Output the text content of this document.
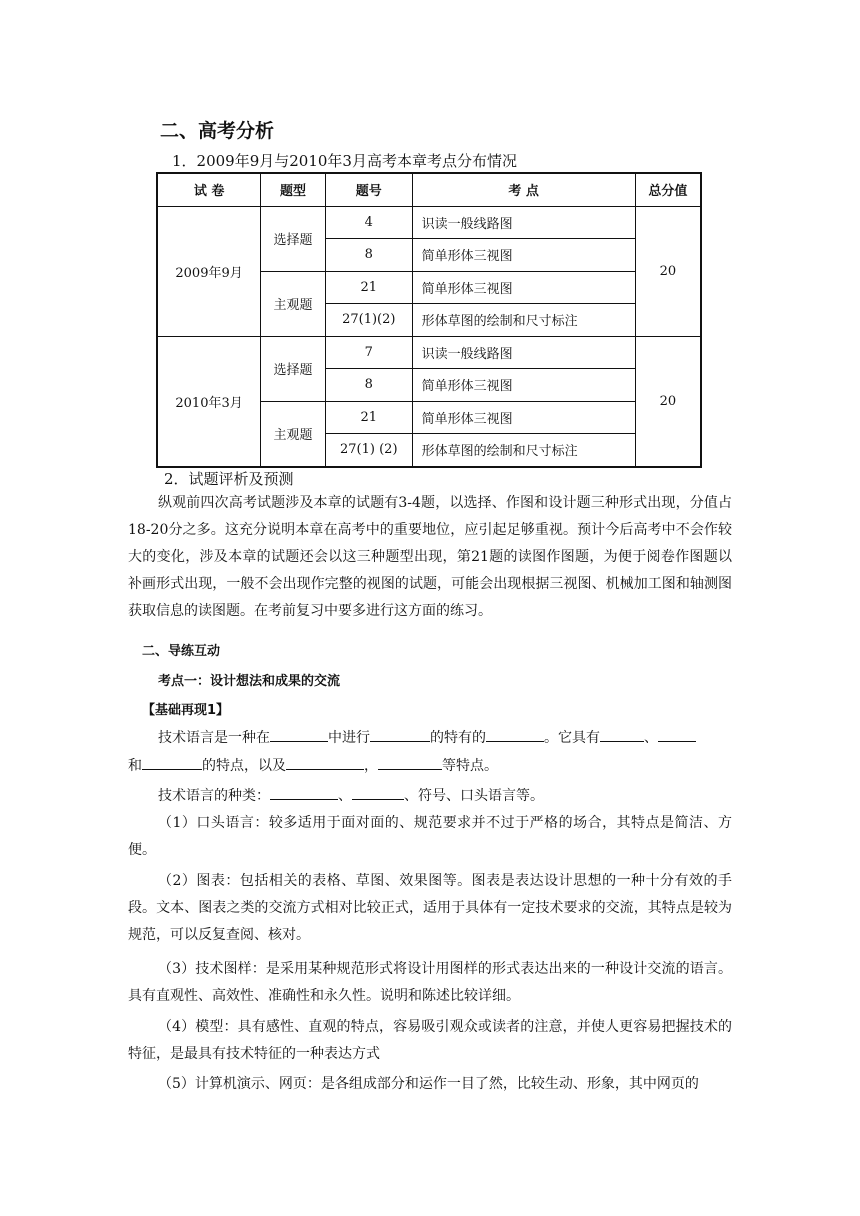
二、高考分析
1．2009年9月与2010年3月高考本章考点分布情况
试 卷	题型	题号	考 点	总分值
2009年9月	选择题	4	识读一般线路图	20
		8	简单形体三视图	
	主观题	21	简单形体三视图	
		27(1)(2)	形体草图的绘制和尺寸标注	
2010年3月	选择题	7	识读一般线路图	20
		8	简单形体三视图	
	主观题	21	简单形体三视图	
		27(1) (2)	形体草图的绘制和尺寸标注	
2．试题评析及预测
纵观前四次高考试题涉及本章的试题有3-4题，以选择、作图和设计题三种形式出现，分值占18-20分之多。这充分说明本章在高考中的重要地位，应引起足够重视。预计今后高考中不会作较大的变化，涉及本章的试题还会以这三种题型出现，第21题的读图作图题，为便于阅卷作图题以补画形式出现，一般不会出现作完整的视图的试题，可能会出现根据三视图、机械加工图和轴测图获取信息的读图题。在考前复习中要多进行这方面的练习。
二、导练互动
考点一：设计想法和成果的交流
【基础再现1】
技术语言是一种在	中进行	的特有的	。它具有	、
和	的特点，以及	，	等特点。
技术语言的种类：	、	、符号、口头语言等。
（1）口头语言：较多适用于面对面的、规范要求并不过于严格的场合，其特点是简洁、方便。
（2）图表：包括相关的表格、草图、效果图等。图表是表达设计思想的一种十分有效的手段。文本、图表之类的交流方式相对比较正式，适用于具体有一定技术要求的交流，其特点是较为规范，可以反复查阅、核对。
（3）技术图样：是采用某种规范形式将设计用图样的形式表达出来的一种设计交流的语言。具有直观性、高效性、准确性和永久性。说明和陈述比较详细。
（4）模型：具有感性、直观的特点，容易吸引观众或读者的注意，并使人更容易把握技术的特征，是最具有技术特征的一种表达方式
（5）计算机演示、网页：是各组成部分和运作一目了然，比较生动、形象，其中网页的
